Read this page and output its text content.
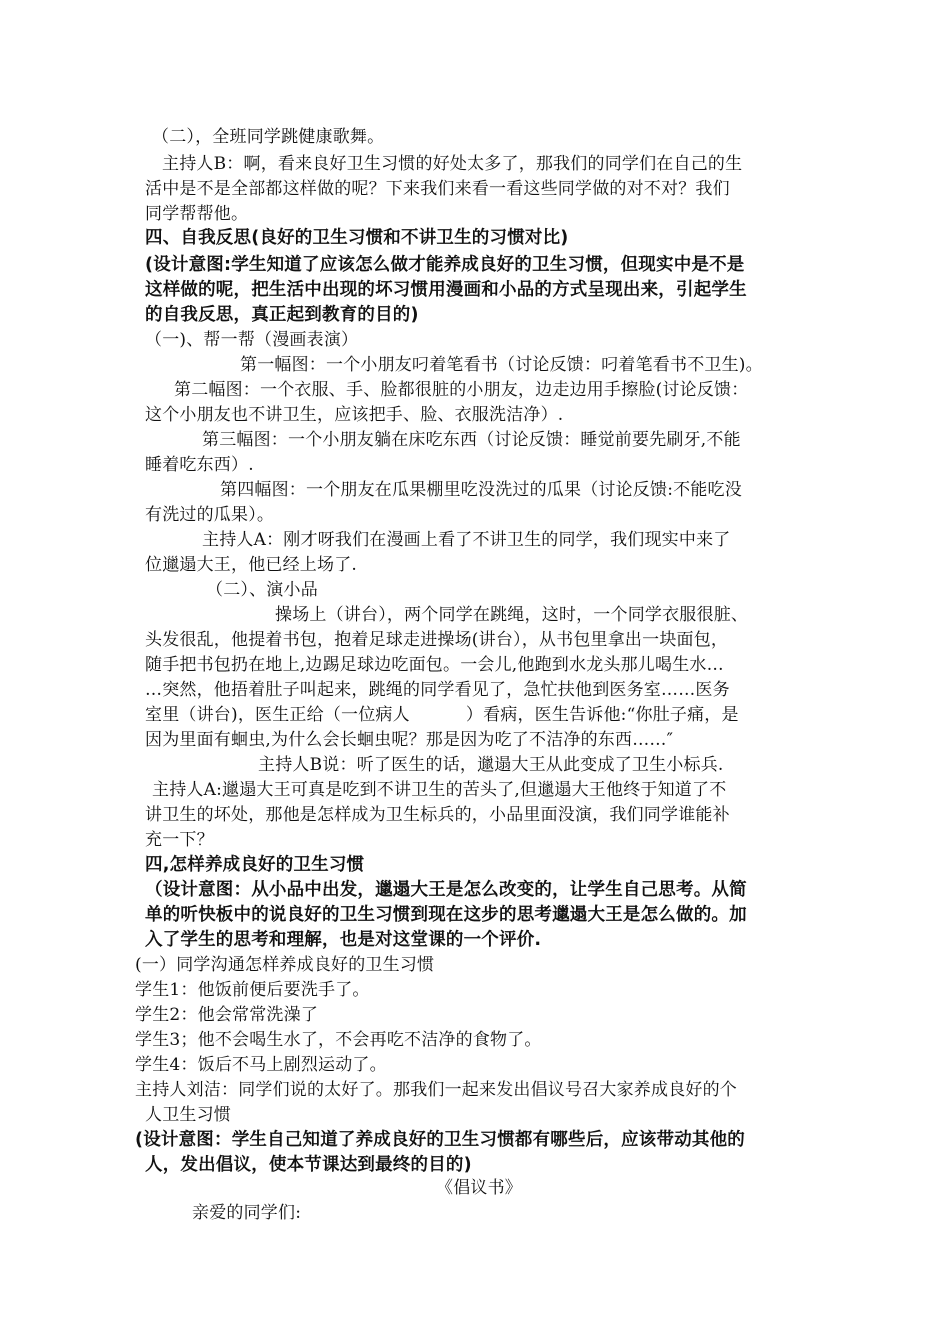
（二），全班同学跳健康歌舞。
主持人B：啊，看来良好卫生习惯的好处太多了，那我们的同学们在自己的生
活中是不是全部都这样做的呢？下来我们来看一看这些同学做的对不对？我们
同学帮帮他。
四、自我反思(良好的卫生习惯和不讲卫生的习惯对比)
(设计意图:学生知道了应该怎么做才能养成良好的卫生习惯，但现实中是不是
这样做的呢，把生活中出现的坏习惯用漫画和小品的方式呈现出来，引起学生
的自我反思，真正起到教育的目的)
（一)、帮一帮（漫画表演）
第一幅图：一个小朋友叼着笔看书（讨论反馈：叼着笔看书不卫生)。
第二幅图：一个衣服、手、脸都很脏的小朋友，边走边用手擦脸(讨论反馈：
这个小朋友也不讲卫生，应该把手、脸、衣服洗洁净）.
第三幅图：一个小朋友躺在床吃东西（讨论反馈：睡觉前要先刷牙,不能
睡着吃东西）.
第四幅图：一个朋友在瓜果棚里吃没洗过的瓜果（讨论反馈:不能吃没
有洗过的瓜果）。
主持人A：刚才呀我们在漫画上看了不讲卫生的同学，我们现实中来了
位邋遢大王，他已经上场了.
（二）、演小品
操场上（讲台），两个同学在跳绳，这时，一个同学衣服很脏、
头发很乱，他提着书包，抱着足球走进操场(讲台），从书包里拿出一块面包，
随手把书包扔在地上,边踢足球边吃面包。一会儿,他跑到水龙头那儿喝生水…
…突然，他捂着肚子叫起来，跳绳的同学看见了，急忙扶他到医务室……医务
室里（讲台)，医生正给（一位病人          ）看病，医生告诉他:“你肚子痛，是
因为里面有蛔虫,为什么会长蛔虫呢？那是因为吃了不洁净的东西……″
主持人B说：听了医生的话，邋遢大王从此变成了卫生小标兵.
主持人A:邋遢大王可真是吃到不讲卫生的苦头了,但邋遢大王他终于知道了不
讲卫生的坏处，那他是怎样成为卫生标兵的，小品里面没演，我们同学谁能补
充一下？
四,怎样养成良好的卫生习惯
（设计意图：从小品中出发，邋遢大王是怎么改变的，让学生自己思考。从简
单的听快板中的说良好的卫生习惯到现在这步的思考邋遢大王是怎么做的。加
入了学生的思考和理解，也是对这堂课的一个评价.
(一）同学沟通怎样养成良好的卫生习惯
学生1：他饭前便后要洗手了。
学生2：他会常常洗澡了
学生3；他不会喝生水了，不会再吃不洁净的食物了。
学生4：饭后不马上剧烈运动了。
主持人刘洁：同学们说的太好了。那我们一起来发出倡议号召大家养成良好的个
人卫生习惯
(设计意图：学生自己知道了养成良好的卫生习惯都有哪些后，应该带动其他的
人，发出倡议，使本节课达到最终的目的)
《倡议书》
亲爱的同学们:
